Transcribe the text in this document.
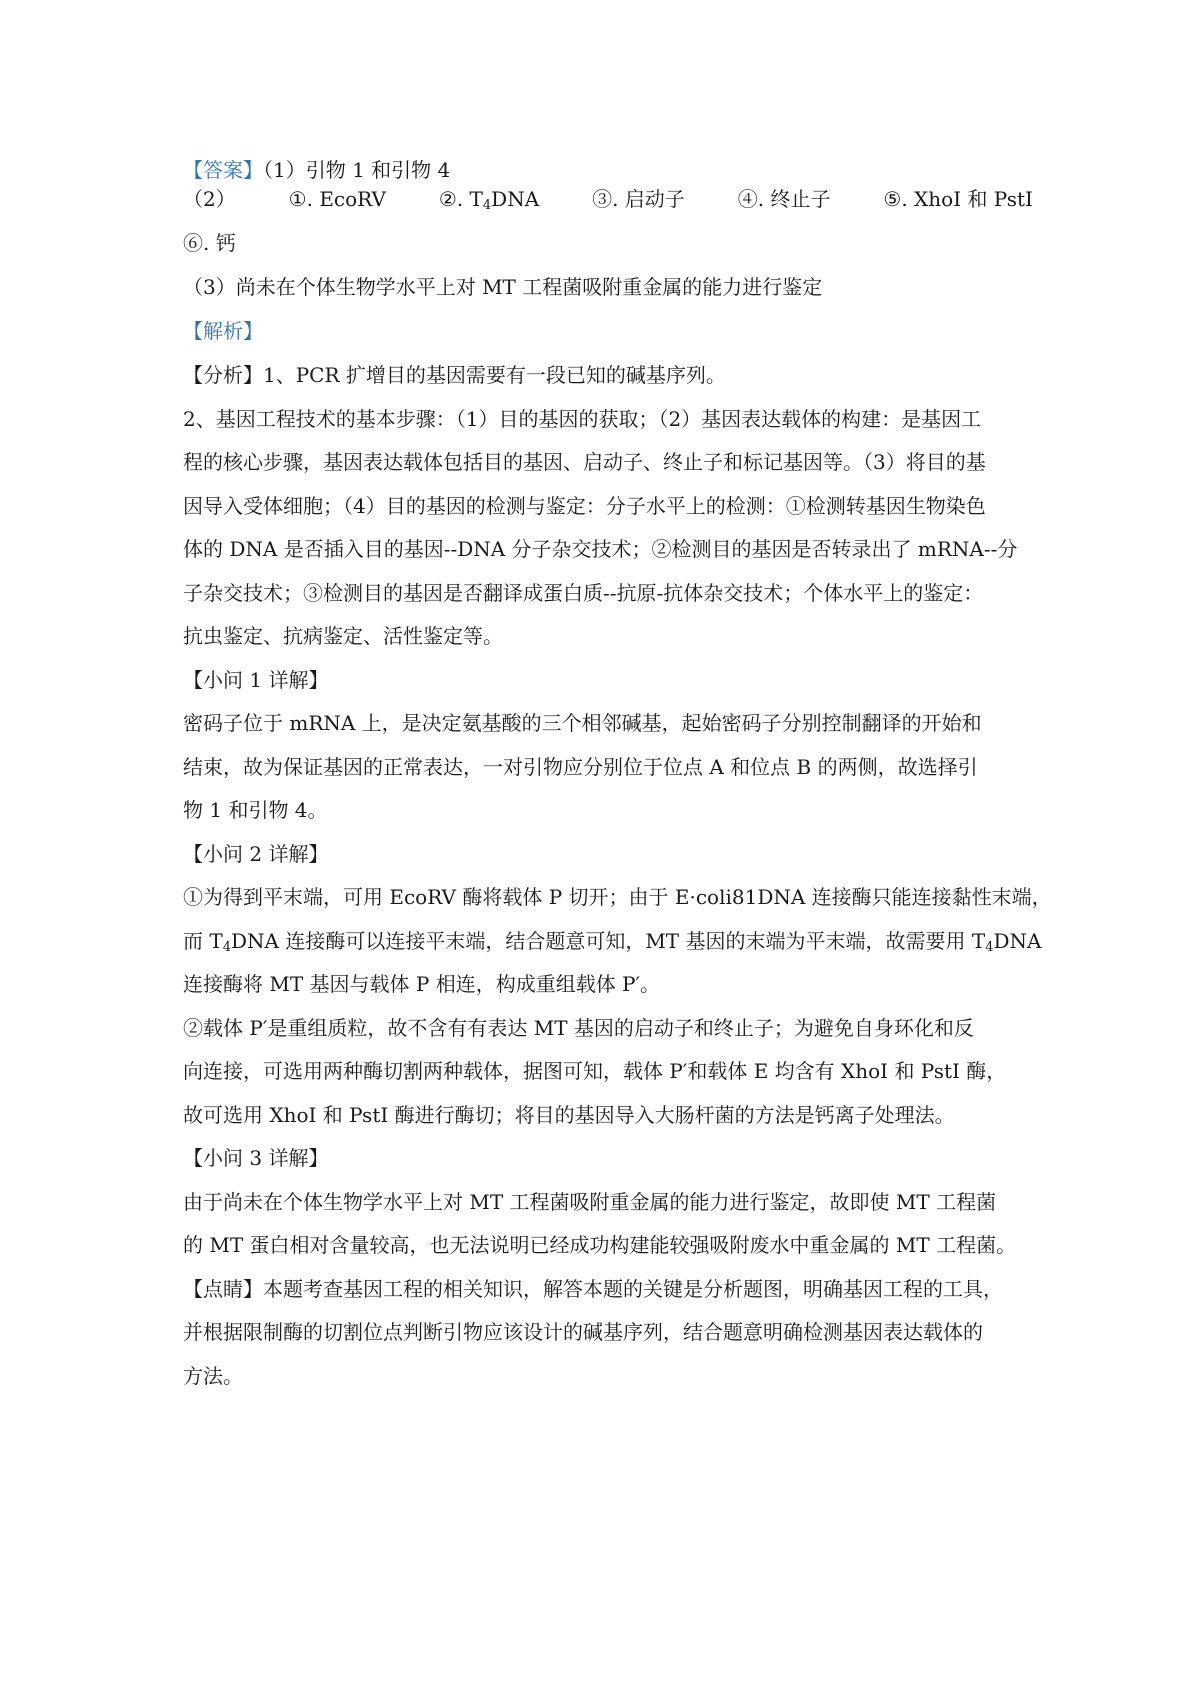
【答案】（1）引物 1 和引物 4
（2）	①. EcoRV	②. $T_4DNA$	③. 启动子	④. 终止子	⑤. XhoI 和 PstI
⑥. 钙
（3）尚未在个体生物学水平上对 MT 工程菌吸附重金属的能力进行鉴定
【解析】
【分析】1、PCR 扩增目的基因需要有一段已知的碱基序列。
2、基因工程技术的基本步骤：（1）目的基因的获取；（2）基因表达载体的构建：是基因工
程的核心步骤，基因表达载体包括目的基因、启动子、终止子和标记基因等。（3）将目的基
因导入受体细胞；（4）目的基因的检测与鉴定：分子水平上的检测：①检测转基因生物染色
体的 DNA 是否插入目的基因--DNA 分子杂交技术；②检测目的基因是否转录出了 mRNA--分
子杂交技术；③检测目的基因是否翻译成蛋白质--抗原-抗体杂交技术；个体水平上的鉴定：
抗虫鉴定、抗病鉴定、活性鉴定等。
【小问 1 详解】
密码子位于 mRNA 上，是决定氨基酸的三个相邻碱基，起始密码子分别控制翻译的开始和
结束，故为保证基因的正常表达，一对引物应分别位于位点 A 和位点 B 的两侧，故选择引
物 1 和引物 4。
【小问 2 详解】
①为得到平末端，可用 EcoRV 酶将载体 P 切开；由于 E·coli81DNA 连接酶只能连接黏性末端，
而 $T_4DNA$ 连接酶可以连接平末端，结合题意可知，MT 基因的末端为平末端，故需要用 $T_4DNA$
连接酶将 MT 基因与载体 P 相连，构成重组载体 P′。
②载体 P′是重组质粒，故不含有有表达 MT 基因的启动子和终止子；为避免自身环化和反
向连接，可选用两种酶切割两种载体，据图可知，载体 P′和载体 E 均含有 XhoI 和 PstI 酶，
故可选用 XhoI 和 PstI 酶进行酶切；将目的基因导入大肠杆菌的方法是钙离子处理法。
【小问 3 详解】
由于尚未在个体生物学水平上对 MT 工程菌吸附重金属的能力进行鉴定，故即使 MT 工程菌
的 MT 蛋白相对含量较高，也无法说明已经成功构建能较强吸附废水中重金属的 MT 工程菌。
【点睛】本题考查基因工程的相关知识，解答本题的关键是分析题图，明确基因工程的工具，
并根据限制酶的切割位点判断引物应该设计的碱基序列，结合题意明确检测基因表达载体的
方法。
